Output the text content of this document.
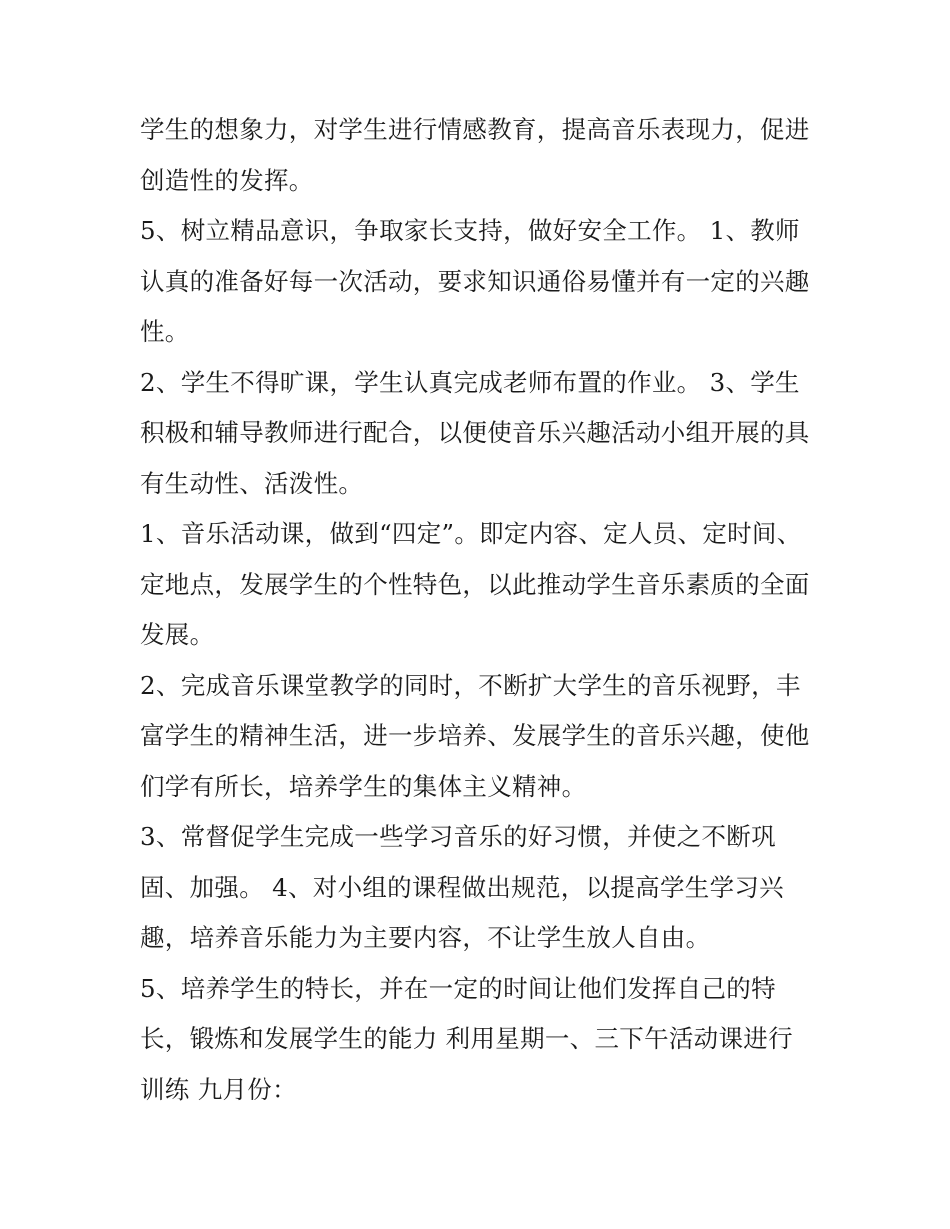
学生的想象力，对学生进行情感教育，提高音乐表现力，促进
创造性的发挥。
5、树立精品意识，争取家长支持，做好安全工作。 1、教师
认真的准备好每一次活动，要求知识通俗易懂并有一定的兴趣
性。
2、学生不得旷课，学生认真完成老师布置的作业。 3、学生
积极和辅导教师进行配合，以便使音乐兴趣活动小组开展的具
有生动性、活泼性。
1、音乐活动课，做到“四定”。即定内容、定人员、定时间、
定地点，发展学生的个性特色，以此推动学生音乐素质的全面
发展。
2、完成音乐课堂教学的同时，不断扩大学生的音乐视野，丰
富学生的精神生活，进一步培养、发展学生的音乐兴趣，使他
们学有所长，培养学生的集体主义精神。
3、常督促学生完成一些学习音乐的好习惯，并使之不断巩
固、加强。 4、对小组的课程做出规范，以提高学生学习兴
趣，培养音乐能力为主要内容，不让学生放人自由。
5、培养学生的特长，并在一定的时间让他们发挥自己的特
长，锻炼和发展学生的能力 利用星期一、三下午活动课进行
训练 九月份：
